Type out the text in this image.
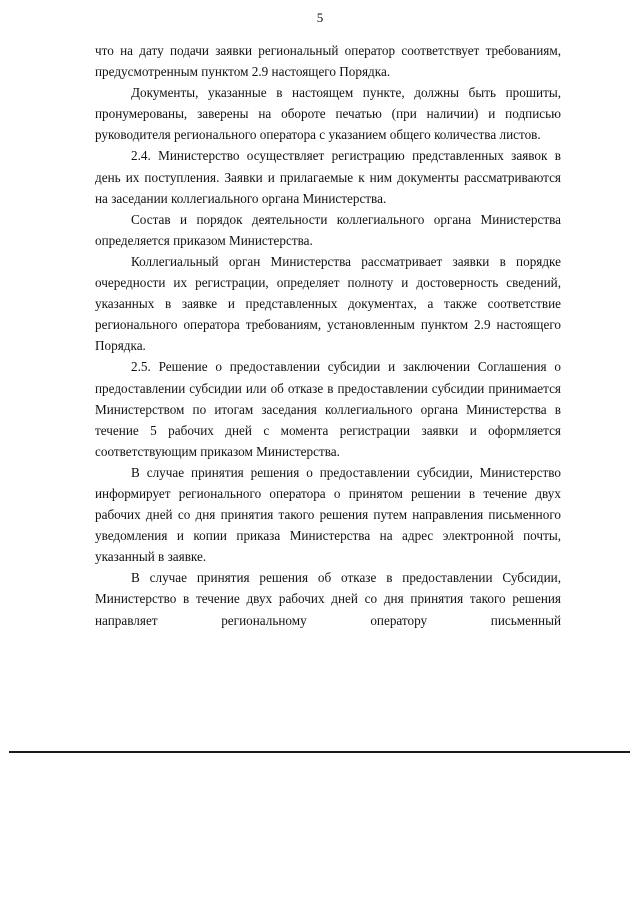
5

что на дату подачи заявки региональный оператор соответствует требованиям, предусмотренным пунктом 2.9 настоящего Порядка.

Документы, указанные в настоящем пункте, должны быть прошиты, пронумерованы, заверены на обороте печатью (при наличии) и подписью руководителя регионального оператора с указанием общего количества листов.

2.4. Министерство осуществляет регистрацию представленных заявок в день их поступления. Заявки и прилагаемые к ним документы рассматриваются на заседании коллегиального органа Министерства.

Состав и порядок деятельности коллегиального органа Министерства определяется приказом Министерства.

Коллегиальный орган Министерства рассматривает заявки в порядке очередности их регистрации, определяет полноту и достоверность сведений, указанных в заявке и представленных документах, а также соответствие регионального оператора требованиям, установленным пунктом 2.9 настоящего Порядка.

2.5. Решение о предоставлении субсидии и заключении Соглашения о предоставлении субсидии или об отказе в предоставлении субсидии принимается Министерством по итогам заседания коллегиального органа Министерства в течение 5 рабочих дней с момента регистрации заявки и оформляется соответствующим приказом Министерства.

В случае принятия решения о предоставлении субсидии, Министерство информирует регионального оператора о принятом решении в течение двух рабочих дней со дня принятия такого решения путем направления письменного уведомления и копии приказа Министерства на адрес электронной почты, указанный в заявке.

В случае принятия решения об отказе в предоставлении Субсидии, Министерство в течение двух рабочих дней со дня принятия такого решения направляет региональному оператору письменный
